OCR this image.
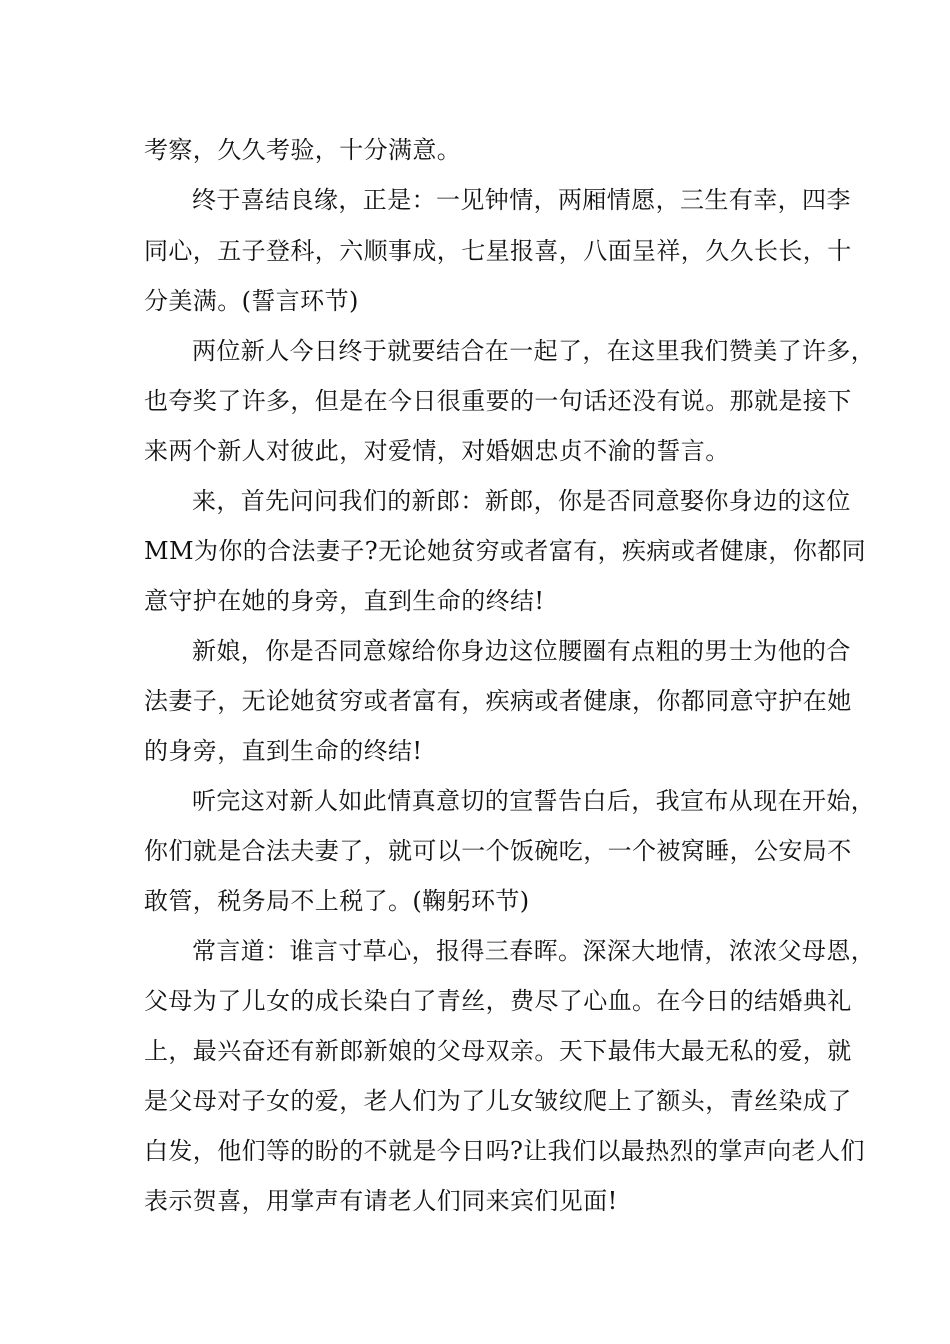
考察，久久考验，十分满意。
终于喜结良缘，正是：一见钟情，两厢情愿，三生有幸，四李
同心，五子登科，六顺事成，七星报喜，八面呈祥，久久长长，十
分美满。(誓言环节)
两位新人今日终于就要结合在一起了，在这里我们赞美了许多，
也夸奖了许多，但是在今日很重要的一句话还没有说。那就是接下
来两个新人对彼此，对爱情，对婚姻忠贞不渝的誓言。
来，首先问问我们的新郎：新郎，你是否同意娶你身边的这位
MM为你的合法妻子?无论她贫穷或者富有，疾病或者健康，你都同
意守护在她的身旁，直到生命的终结!
新娘，你是否同意嫁给你身边这位腰圈有点粗的男士为他的合
法妻子，无论她贫穷或者富有，疾病或者健康，你都同意守护在她
的身旁，直到生命的终结!
听完这对新人如此情真意切的宣誓告白后，我宣布从现在开始，
你们就是合法夫妻了，就可以一个饭碗吃，一个被窝睡，公安局不
敢管，税务局不上税了。(鞠躬环节)
常言道：谁言寸草心，报得三春晖。深深大地情，浓浓父母恩，
父母为了儿女的成长染白了青丝，费尽了心血。在今日的结婚典礼
上，最兴奋还有新郎新娘的父母双亲。天下最伟大最无私的爱，就
是父母对子女的爱，老人们为了儿女皱纹爬上了额头，青丝染成了
白发，他们等的盼的不就是今日吗?让我们以最热烈的掌声向老人们
表示贺喜，用掌声有请老人们同来宾们见面!
